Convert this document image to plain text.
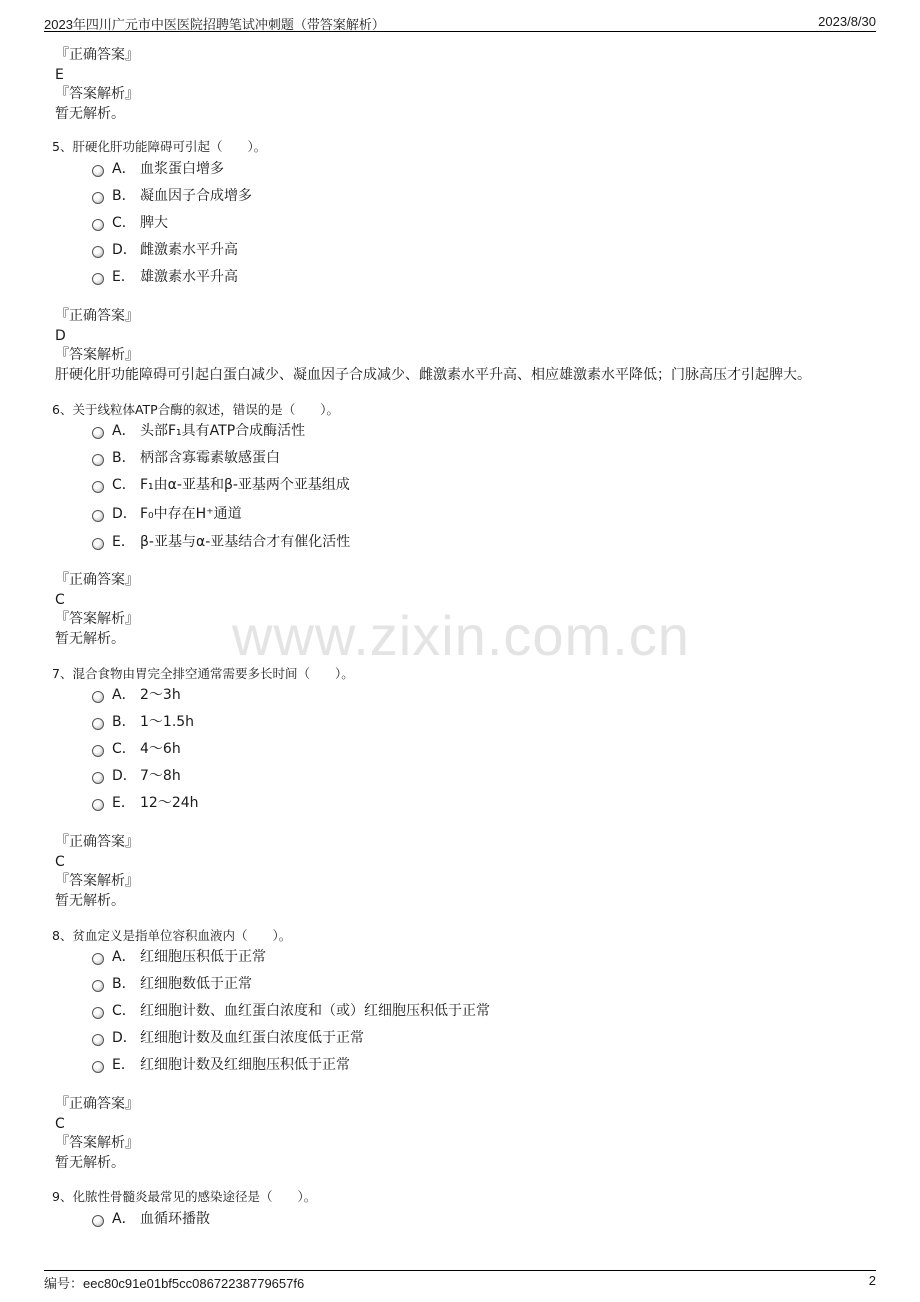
2023年四川广元市中医医院招聘笔试冲刺题（带答案解析）	2023/8/30
www.zixin.com.cn
『正确答案』
E
『答案解析』
暂无解析。
5、肝硬化肝功能障碍可引起（　　）。
A． 血浆蛋白增多
B． 凝血因子合成增多
C． 脾大
D． 雌激素水平升高
E． 雄激素水平升高
『正确答案』
D
『答案解析』
肝硬化肝功能障碍可引起白蛋白减少、凝血因子合成减少、雌激素水平升高、相应雄激素水平降低；门脉高压才引起脾大。
6、关于线粒体ATP合酶的叙述，错误的是（　　）。
A． 头部F₁具有ATP合成酶活性
B． 柄部含寡霉素敏感蛋白
C． F₁由α-亚基和β-亚基两个亚基组成
D． F₀中存在H⁺通道
E． β-亚基与α-亚基结合才有催化活性
『正确答案』
C
『答案解析』
暂无解析。
7、混合食物由胃完全排空通常需要多长时间（　　）。
A． 2～3h
B． 1～1.5h
C． 4～6h
D． 7～8h
E． 12～24h
『正确答案』
C
『答案解析』
暂无解析。
8、贫血定义是指单位容积血液内（　　）。
A． 红细胞压积低于正常
B． 红细胞数低于正常
C． 红细胞计数、血红蛋白浓度和（或）红细胞压积低于正常
D． 红细胞计数及血红蛋白浓度低于正常
E． 红细胞计数及红细胞压积低于正常
『正确答案』
C
『答案解析』
暂无解析。
9、化脓性骨髓炎最常见的感染途径是（　　）。
A． 血循环播散
编号：eec80c91e01bf5cc08672238779657f6	2
